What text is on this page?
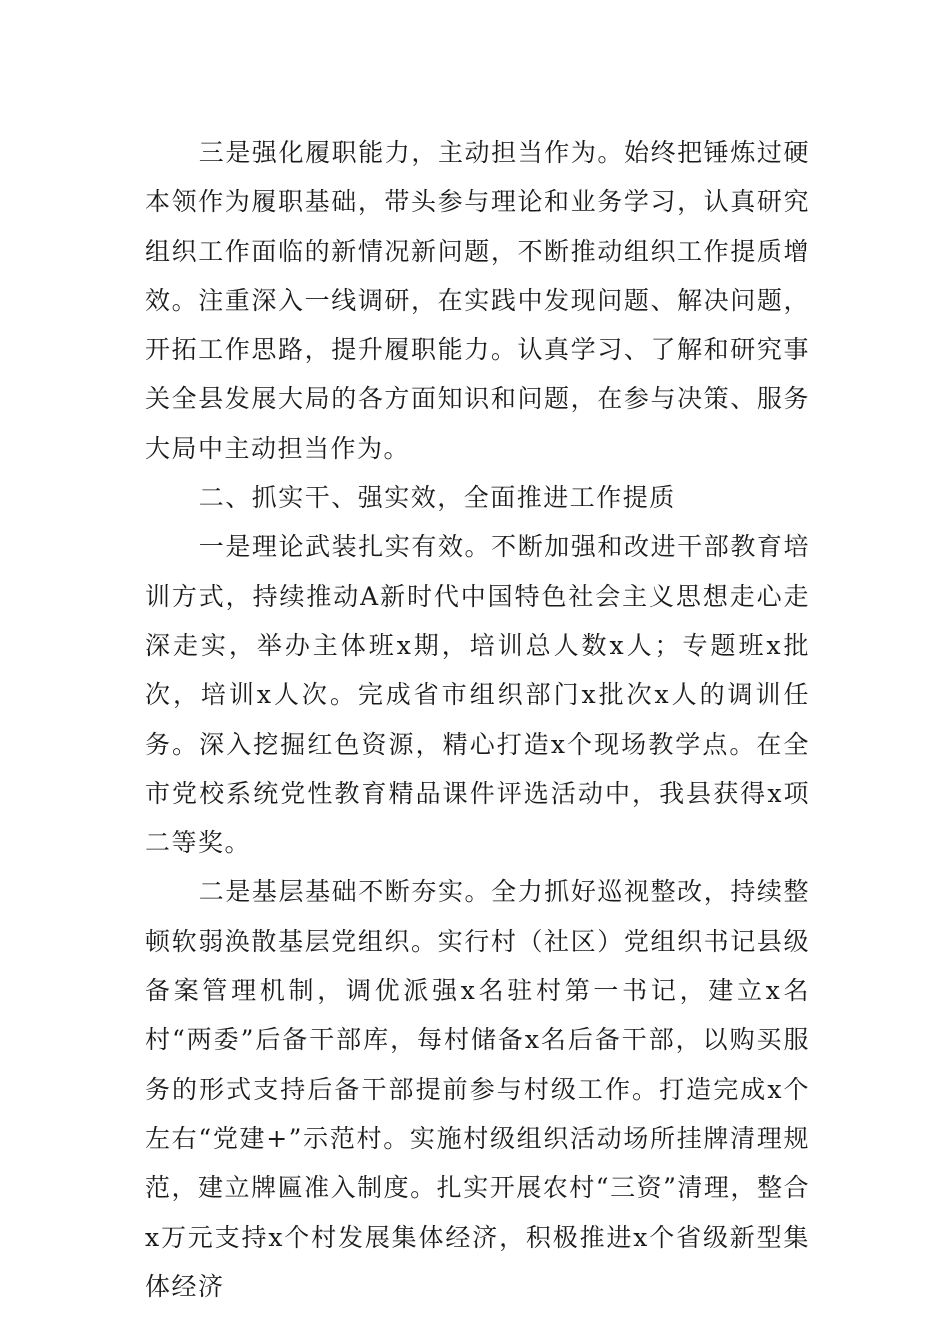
三是强化履职能力，主动担当作为。始终把锤炼过硬本领作为履职基础，带头参与理论和业务学习，认真研究组织工作面临的新情况新问题，不断推动组织工作提质增效。注重深入一线调研，在实践中发现问题、解决问题，开拓工作思路，提升履职能力。认真学习、了解和研究事关全县发展大局的各方面知识和问题，在参与决策、服务大局中主动担当作为。

二、抓实干、强实效，全面推进工作提质

一是理论武装扎实有效。不断加强和改进干部教育培训方式，持续推动A新时代中国特色社会主义思想走心走深走实，举办主体班x期，培训总人数x人；专题班x批次，培训x人次。完成省市组织部门x批次x人的调训任务。深入挖掘红色资源，精心打造x个现场教学点。在全市党校系统党性教育精品课件评选活动中，我县获得x项二等奖。

二是基层基础不断夯实。全力抓好巡视整改，持续整顿软弱涣散基层党组织。实行村（社区）党组织书记县级备案管理机制，调优派强x名驻村第一书记，建立x名村“两委”后备干部库，每村储备x名后备干部，以购买服务的形式支持后备干部提前参与村级工作。打造完成x个左右“党建+”示范村。实施村级组织活动场所挂牌清理规范，建立牌匾准入制度。扎实开展农村“三资”清理，整合x万元支持x个村发展集体经济，积极推进x个省级新型集体经济
